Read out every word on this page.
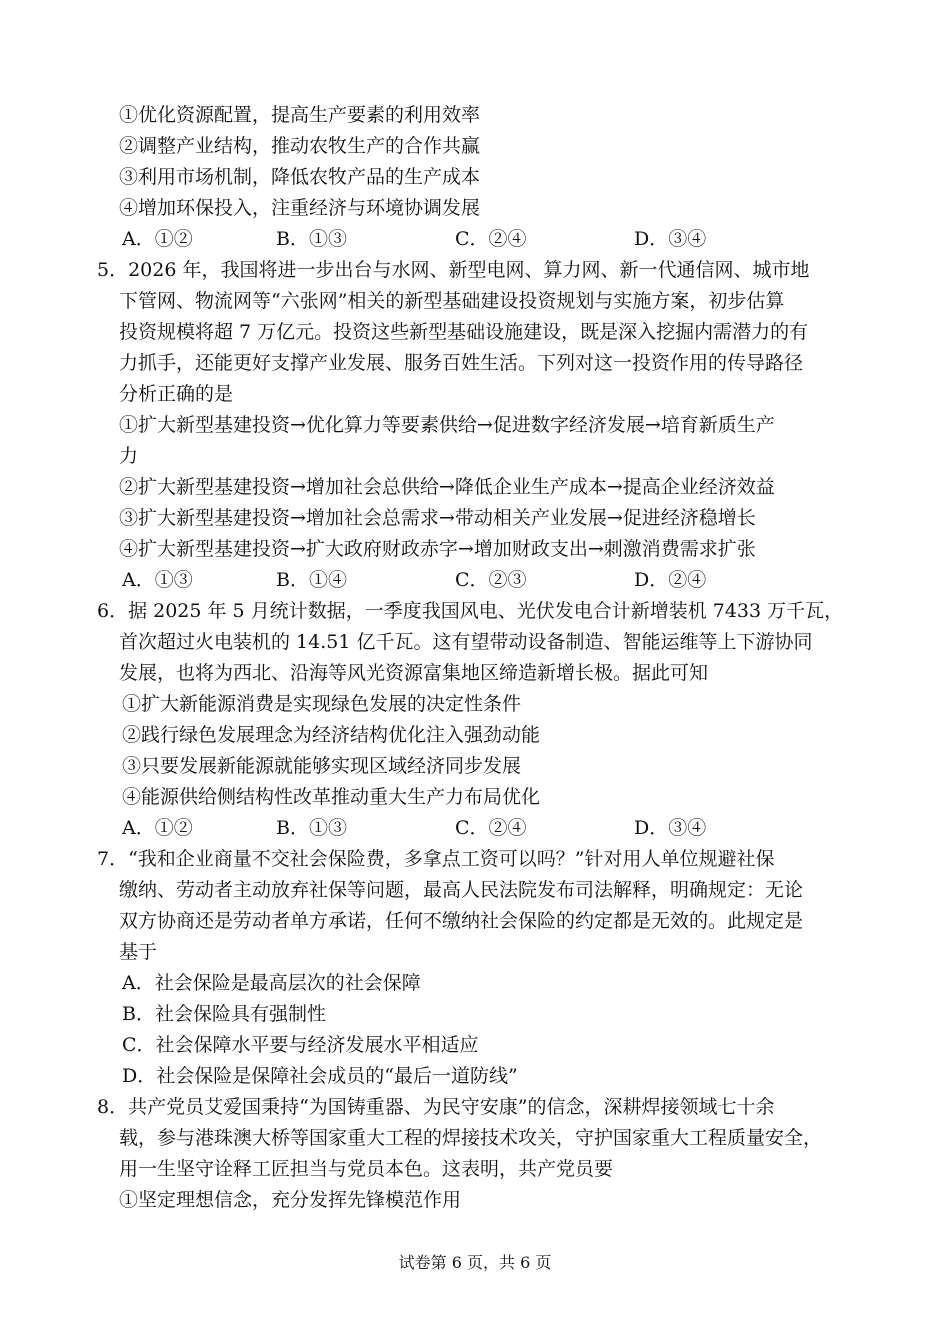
①优化资源配置，提高生产要素的利用效率
②调整产业结构，推动农牧生产的合作共赢
③利用市场机制，降低农牧产品的生产成本
④增加环保投入，注重经济与环境协调发展
A．①②	B．①③	C．②④	D．③④
5．2026 年，我国将进一步出台与水网、新型电网、算力网、新一代通信网、城市地
下管网、物流网等“六张网”相关的新型基础建设投资规划与实施方案，初步估算
投资规模将超 7 万亿元。投资这些新型基础设施建设，既是深入挖掘内需潜力的有
力抓手，还能更好支撑产业发展、服务百姓生活。下列对这一投资作用的传导路径
分析正确的是
①扩大新型基建投资→优化算力等要素供给→促进数字经济发展→培育新质生产
力
②扩大新型基建投资→增加社会总供给→降低企业生产成本→提高企业经济效益
③扩大新型基建投资→增加社会总需求→带动相关产业发展→促进经济稳增长
④扩大新型基建投资→扩大政府财政赤字→增加财政支出→刺激消费需求扩张
A．①③	B．①④	C．②③	D．②④
6．据 2025 年 5 月统计数据，一季度我国风电、光伏发电合计新增装机 7433 万千瓦，
首次超过火电装机的 14.51 亿千瓦。这有望带动设备制造、智能运维等上下游协同
发展，也将为西北、沿海等风光资源富集地区缔造新增长极。据此可知
①扩大新能源消费是实现绿色发展的决定性条件
②践行绿色发展理念为经济结构优化注入强劲动能
③只要发展新能源就能够实现区域经济同步发展
④能源供给侧结构性改革推动重大生产力布局优化
A．①②	B．①③	C．②④	D．③④
7．“我和企业商量不交社会保险费，多拿点工资可以吗？”针对用人单位规避社保
缴纳、劳动者主动放弃社保等问题，最高人民法院发布司法解释，明确规定：无论
双方协商还是劳动者单方承诺，任何不缴纳社会保险的约定都是无效的。此规定是
基于
A．社会保险是最高层次的社会保障
B．社会保险具有强制性
C．社会保障水平要与经济发展水平相适应
D．社会保险是保障社会成员的“最后一道防线”
8．共产党员艾爱国秉持“为国铸重器、为民守安康”的信念，深耕焊接领域七十余
载，参与港珠澳大桥等国家重大工程的焊接技术攻关，守护国家重大工程质量安全，
用一生坚守诠释工匠担当与党员本色。这表明，共产党员要
①坚定理想信念，充分发挥先锋模范作用
试卷第 6 页，共 6 页
